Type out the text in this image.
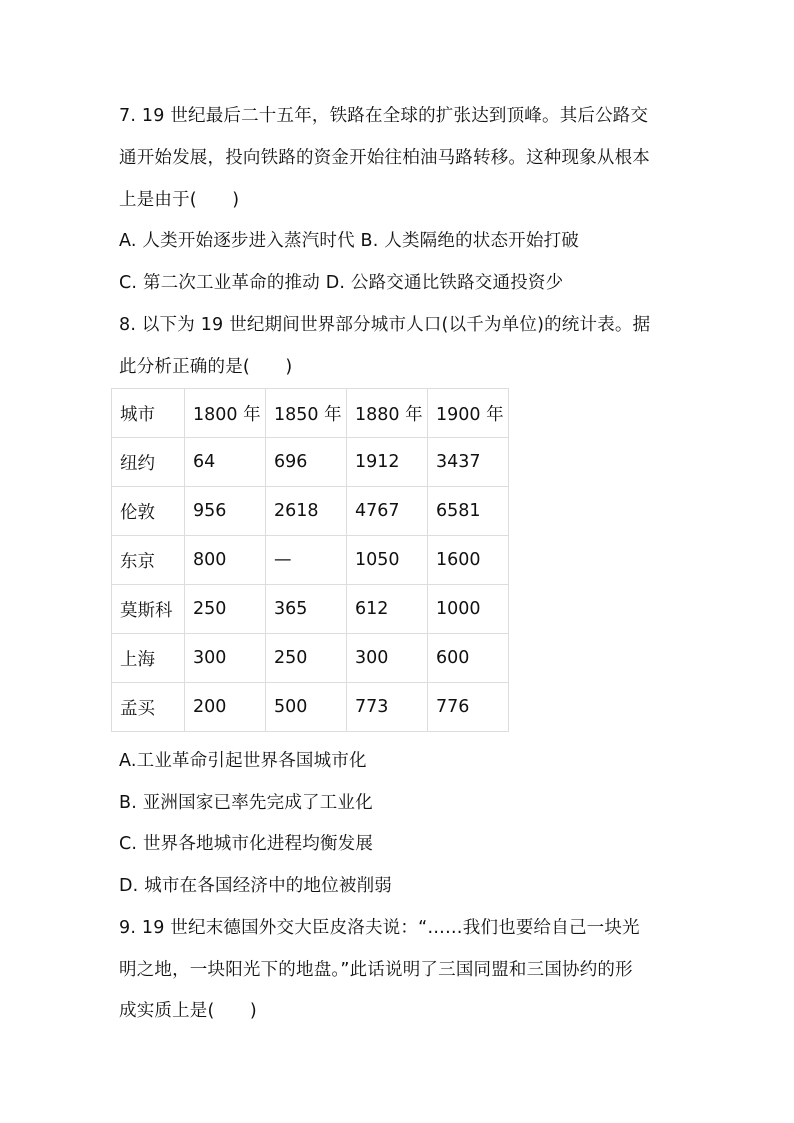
7. 19 世纪最后二十五年，铁路在全球的扩张达到顶峰。其后公路交
通开始发展，投向铁路的资金开始往柏油马路转移。这种现象从根本
上是由于(　　)
A. 人类开始逐步进入蒸汽时代 B. 人类隔绝的状态开始打破
C. 第二次工业革命的推动 D. 公路交通比铁路交通投资少
8. 以下为 19 世纪期间世界部分城市人口(以千为单位)的统计表。据
此分析正确的是(　　)
城市	1800 年	1850 年	1880 年	1900 年
纽约	64	696	1912	3437
伦敦	956	2618	4767	6581
东京	800	—	1050	1600
莫斯科	250	365	612	1000
上海	300	250	300	600
孟买	200	500	773	776
A.工业革命引起世界各国城市化
B. 亚洲国家已率先完成了工业化
C. 世界各地城市化进程均衡发展
D. 城市在各国经济中的地位被削弱
9. 19 世纪末德国外交大臣皮洛夫说：“……我们也要给自己一块光
明之地，一块阳光下的地盘。”此话说明了三国同盟和三国协约的形
成实质上是(　　)
